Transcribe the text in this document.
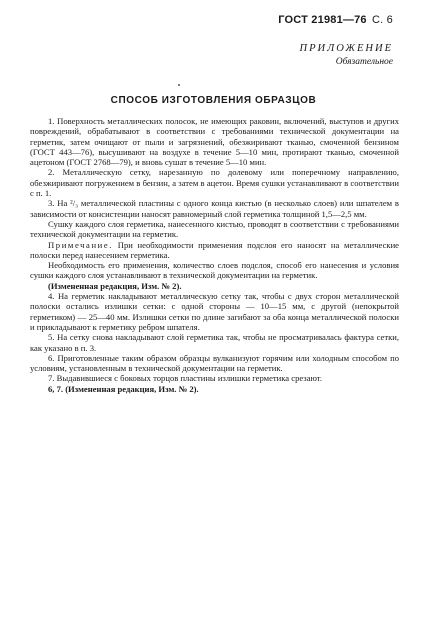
ГОСТ 21981—76 С. 6
ПРИЛОЖЕНИЕ
Обязательное
СПОСОБ ИЗГОТОВЛЕНИЯ ОБРАЗЦОВ

1. Поверхность металлических полосок, не имеющих раковин, включений, выступов и других повреждений, обрабатывают в соответствии с требованиями технической документации на герметик, затем очищают от пыли и загрязнений, обезжиривают тканью, смоченной бензином (ГОСТ 443—76), высушивают на воздухе в течение 5—10 мин, протирают тканью, смоченной ацетоном (ГОСТ 2768—79), и вновь сушат в течение 5—10 мин.

2. Металлическую сетку, нарезанную по долевому или поперечному направлению, обезжиривают погружением в бензин, а затем в ацетон. Время сушки устанавливают в соответствии с п. 1.

3. На ²/₃ металлической пластины с одного конца кистью (в несколько слоев) или шпателем в зависимости от консистенции наносят равномерный слой герметика толщиной 1,5—2,5 мм.

Сушку каждого слоя герметика, нанесенного кистью, проводят в соответствии с требованиями технической документации на герметик.

Примечание. При необходимости применения подслоя его наносят на металлические полоски перед нанесением герметика.

Необходимость его применения, количество слоев подслоя, способ его нанесения и условия сушки каждого слоя устанавливают в технической документации на герметик.

(Измененная редакция, Изм. № 2).

4. На герметик накладывают металлическую сетку так, чтобы с двух сторон металлической полоски остались излишки сетки: с одной стороны — 10—15 мм, с другой (непокрытой герметиком) — 25—40 мм. Излишки сетки по длине загибают за оба конца металлической полоски и прикладывают к герметику ребром шпателя.

5. На сетку снова накладывают слой герметика так, чтобы не просматривалась фактура сетки, как указано в п. 3.

6. Приготовленные таким образом образцы вулканизуют горячим или холодным способом по условиям, установленным в технической документации на герметик.

7. Выдавившиеся с боковых торцов пластины излишки герметика срезают.

6, 7. (Измененная редакция, Изм. № 2).
